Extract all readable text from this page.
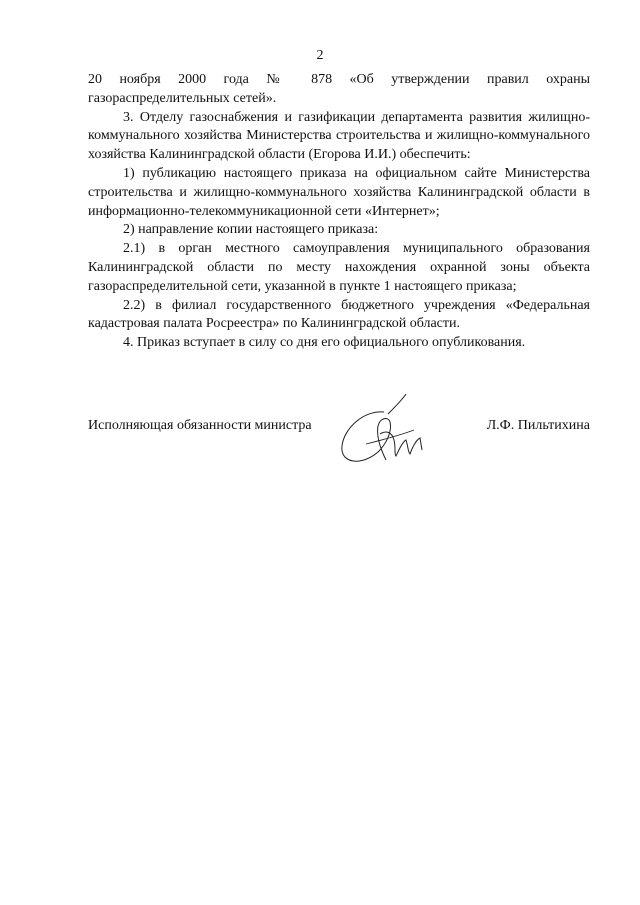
2

20 ноября 2000 года № 878 «Об утверждении правил охраны газораспределительных сетей».

3. Отделу газоснабжения и газификации департамента развития жилищно-коммунального хозяйства Министерства строительства и жилищно-коммунального хозяйства Калининградской области (Егорова И.И.) обеспечить:

1) публикацию настоящего приказа на официальном сайте Министерства строительства и жилищно-коммунального хозяйства Калининградской области в информационно-телекоммуникационной сети «Интернет»;

2) направление копии настоящего приказа:

2.1) в орган местного самоуправления муниципального образования Калининградской области по месту нахождения охранной зоны объекта газораспределительной сети, указанной в пункте 1 настоящего приказа;

2.2) в филиал государственного бюджетного учреждения «Федеральная кадастровая палата Росреестра» по Калининградской области.

4. Приказ вступает в силу со дня его официального опубликования.

Исполняющая обязанности министра	Л.Ф. Пильтихина
